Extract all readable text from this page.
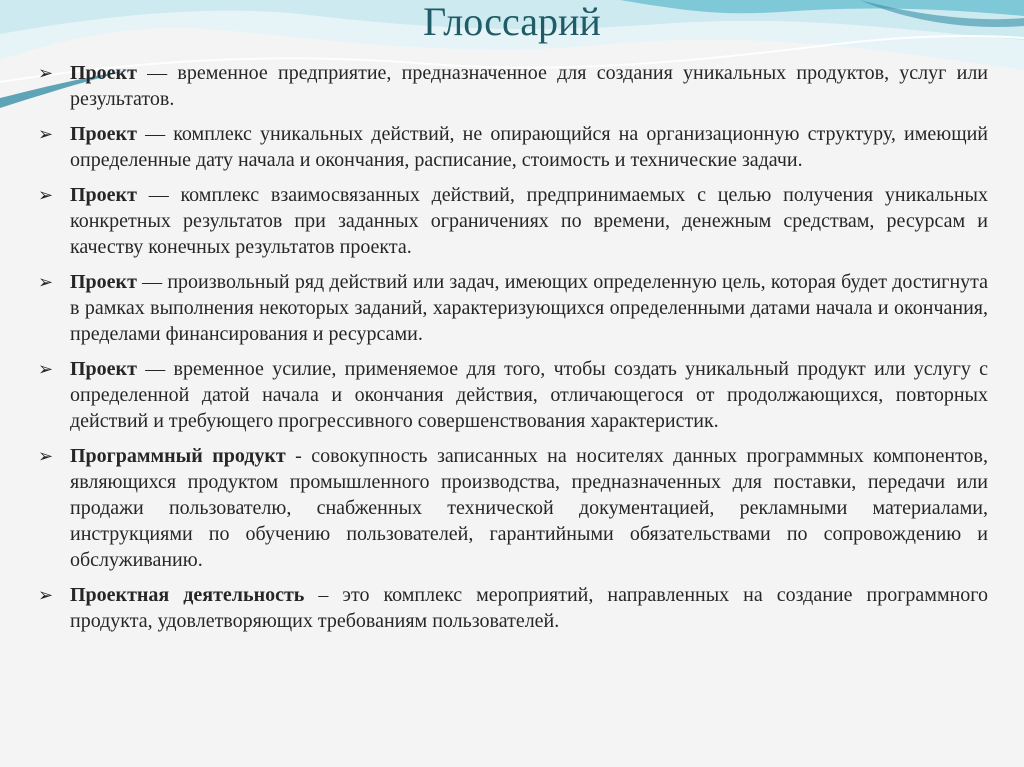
Глоссарий
➢ Проект — временное предприятие, предназначенное для создания уникальных продуктов, услуг или результатов.
➢ Проект — комплекс уникальных действий, не опирающийся на организационную структуру, имеющий определенные дату начала и окончания, расписание, стоимость и технические задачи.
➢ Проект — комплекс взаимосвязанных действий, предпринимаемых с целью получения уникальных конкретных результатов при заданных ограничениях по времени, денежным средствам, ресурсам и качеству конечных результатов проекта.
➢ Проект — произвольный ряд действий или задач, имеющих определенную цель, которая будет достигнута в рамках выполнения некоторых заданий, характеризующихся определенными датами начала и окончания, пределами финансирования и ресурсами.
➢ Проект — временное усилие, применяемое для того, чтобы создать уникальный продукт или услугу с определенной датой начала и окончания действия, отличающегося от продолжающихся, повторных действий и требующего прогрессивного совершенствования характеристик.
➢ Программный продукт - совокупность записанных на носителях данных программных компонентов, являющихся продуктом промышленного производства, предназначенных для поставки, передачи или продажи пользователю, снабженных технической документацией, рекламными материалами, инструкциями по обучению пользователей, гарантийными обязательствами по сопровождению и обслуживанию.
➢ Проектная деятельность – это комплекс мероприятий, направленных на создание программного продукта, удовлетворяющих требованиям пользователей.
